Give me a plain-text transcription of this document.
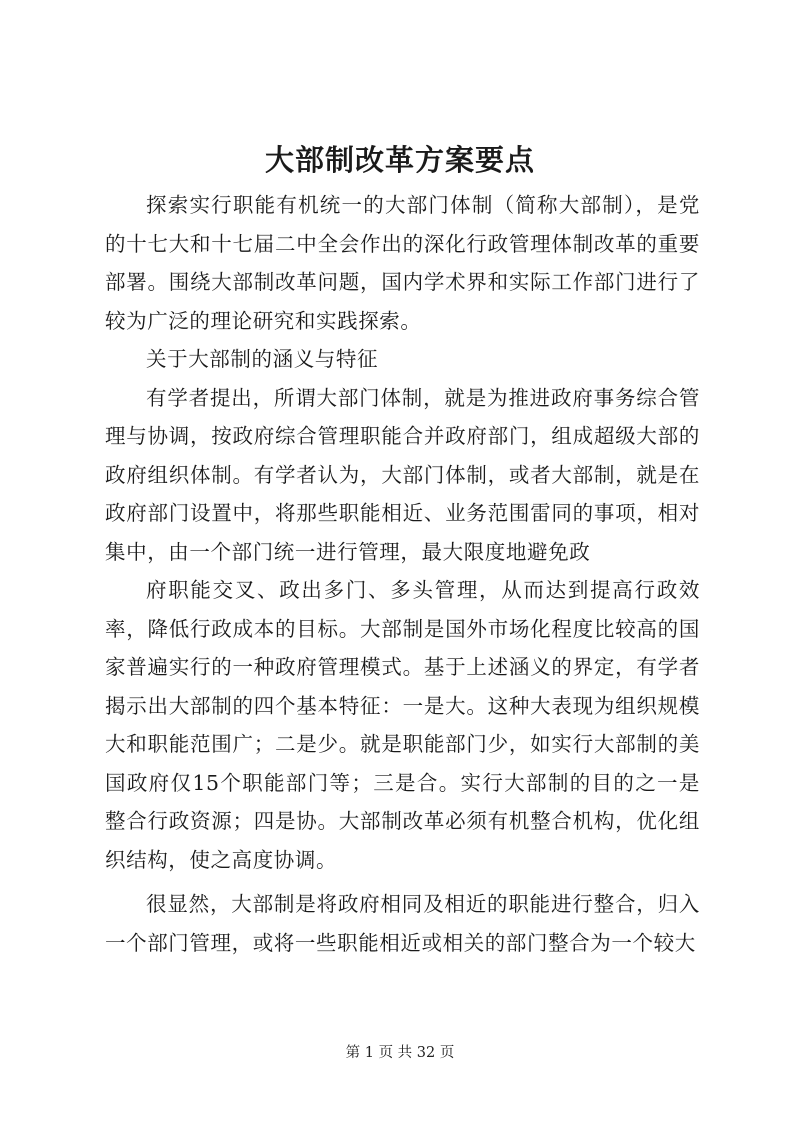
大部制改革方案要点

探索实行职能有机统一的大部门体制（简称大部制），是党的十七大和十七届二中全会作出的深化行政管理体制改革的重要部署。围绕大部制改革问题，国内学术界和实际工作部门进行了较为广泛的理论研究和实践探索。

关于大部制的涵义与特征

有学者提出，所谓大部门体制，就是为推进政府事务综合管理与协调，按政府综合管理职能合并政府部门，组成超级大部的政府组织体制。有学者认为，大部门体制，或者大部制，就是在政府部门设置中，将那些职能相近、业务范围雷同的事项，相对集中，由一个部门统一进行管理，最大限度地避免政

府职能交叉、政出多门、多头管理，从而达到提高行政效率，降低行政成本的目标。大部制是国外市场化程度比较高的国家普遍实行的一种政府管理模式。基于上述涵义的界定，有学者揭示出大部制的四个基本特征：一是大。这种大表现为组织规模大和职能范围广；二是少。就是职能部门少，如实行大部制的美国政府仅15个职能部门等；三是合。实行大部制的目的之一是整合行政资源；四是协。大部制改革必须有机整合机构，优化组织结构，使之高度协调。

很显然，大部制是将政府相同及相近的职能进行整合，归入一个部门管理，或将一些职能相近或相关的部门整合为一个较大

第 1 页 共 32 页
